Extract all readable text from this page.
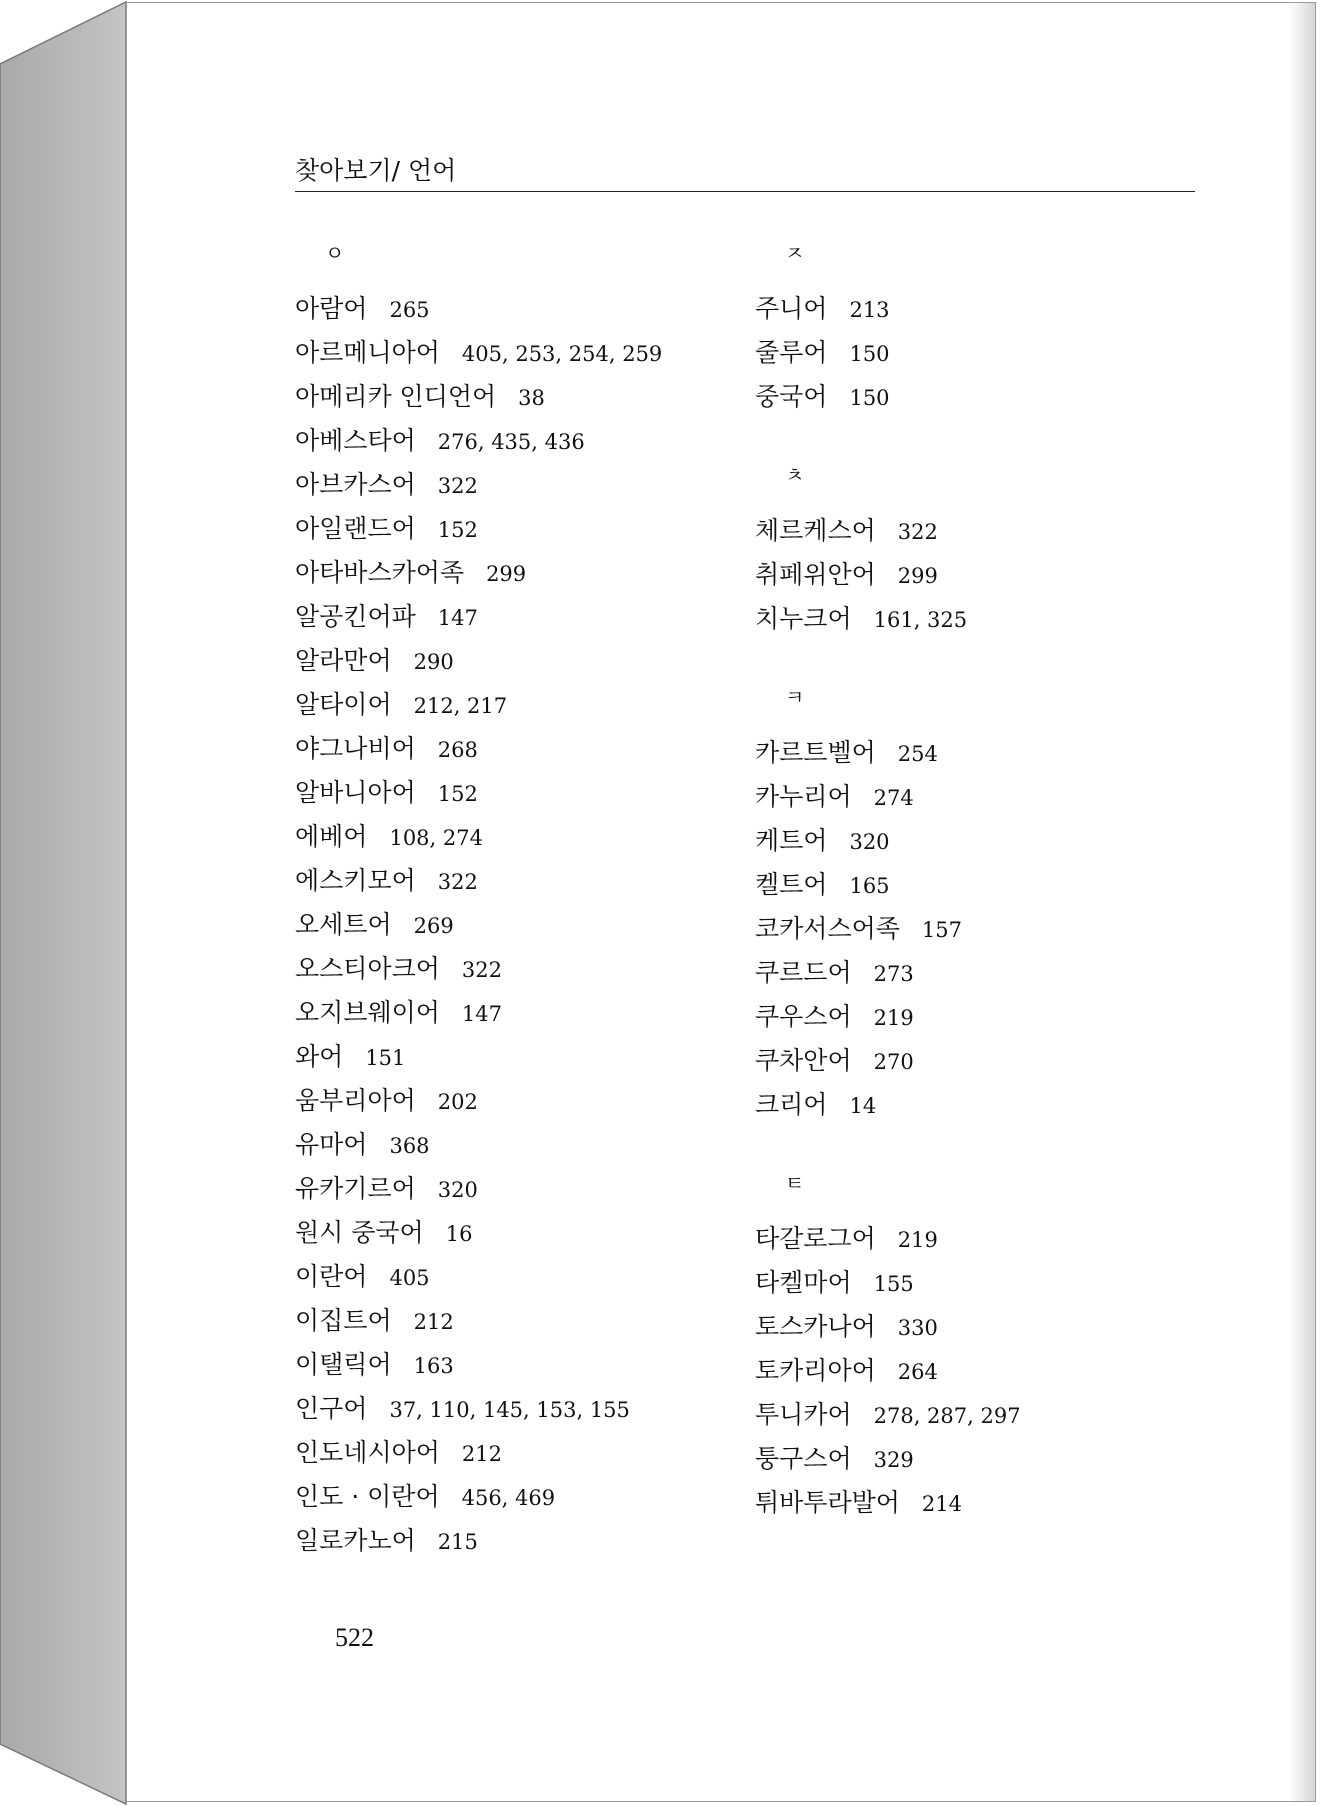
찾아보기/ 언어
ㅇ
아람어 265
아르메니아어 405, 253, 254, 259
아메리카 인디언어 38
아베스타어 276, 435, 436
아브카스어 322
아일랜드어 152
아타바스카어족 299
알공킨어파 147
알라만어 290
알타이어 212, 217
야그나비어 268
알바니아어 152
에베어 108, 274
에스키모어 322
오세트어 269
오스티아크어 322
오지브웨이어 147
와어 151
움부리아어 202
유마어 368
유카기르어 320
원시 중국어 16
이란어 405
이집트어 212
이탤릭어 163
인구어 37, 110, 145, 153, 155
인도네시아어 212
인도 · 이란어 456, 469
일로카노어 215
ㅈ
주니어 213
줄루어 150
중국어 150
ㅊ
체르케스어 322
취페위안어 299
치누크어 161, 325
ㅋ
카르트벨어 254
카누리어 274
케트어 320
켈트어 165
코카서스어족 157
쿠르드어 273
쿠우스어 219
쿠차안어 270
크리어 14
ㅌ
타갈로그어 219
타켈마어 155
토스카나어 330
토카리아어 264
투니카어 278, 287, 297
퉁구스어 329
튀바투라발어 214
522
